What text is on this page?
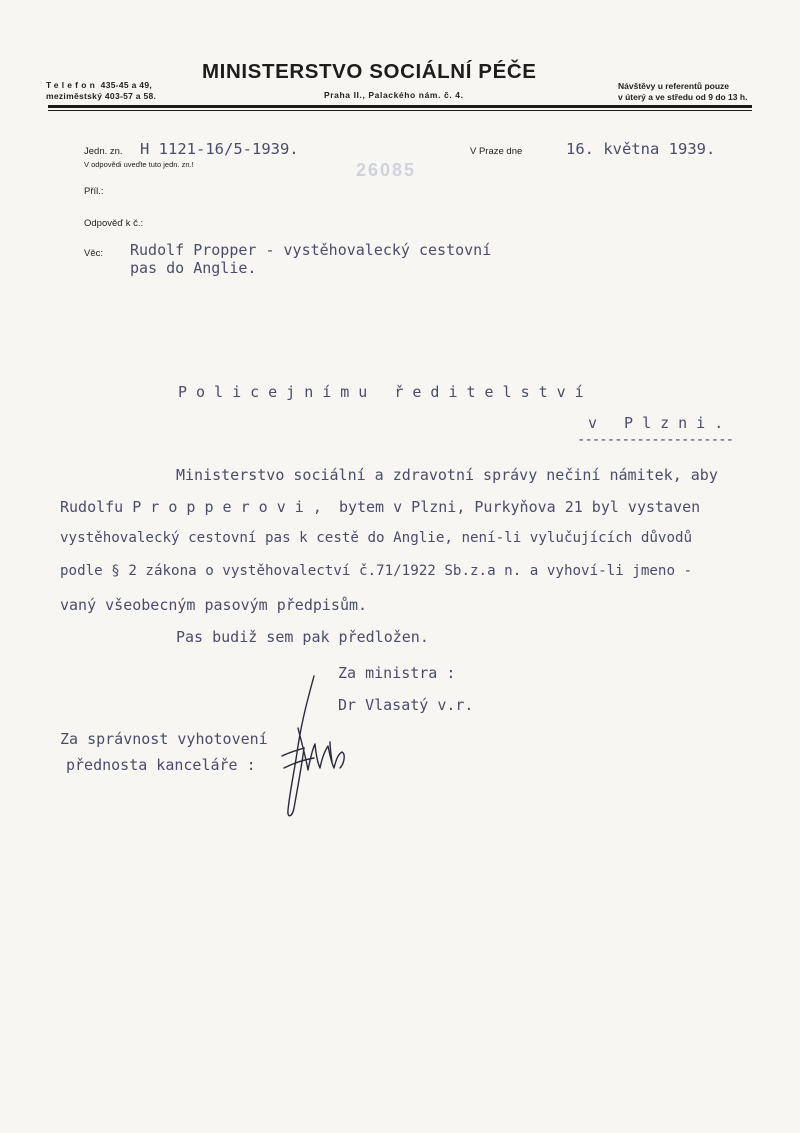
Telefon 435-45 a 49,
meziměstský 403-57 a 58.
MINISTERSTVO SOCIÁLNÍ PÉČE
Praha II., Palackého nám. č. 4.
Návštěvy u referentů pouze
v úterý a ve středu od 9 do 13 h.
Jedn. zn. H 1121-16/5-1939.
V odpovědi uveďte tuto jedn. zn.!
V Praze dne	16. května 1939.
26085
Příl.:
Odpověď k č.:
Věc: Rudolf Propper - vystěhovalecký cestovní
pas do Anglie.
Policejnímu ředitelství
v Plzni.
---------------------
Ministerstvo sociální a zdravotní správy nečiní námitek, aby
Rudolfu P r o p p e r o v i , bytem v Plzni, Purkyňova 21 byl vystaven
vystěhovalecký cestovní pas k cestě do Anglie, není-li vylučujících důvodů
podle § 2 zákona o vystěhovalectví č.71/1922 Sb.z.a n. a vyhoví-li jmeno -
vaný všeobecným pasovým předpisům.
Pas budiž sem pak předložen.
Za ministra :
Dr Vlasatý v.r.
Za správnost vyhotovení
přednosta kanceláře :
